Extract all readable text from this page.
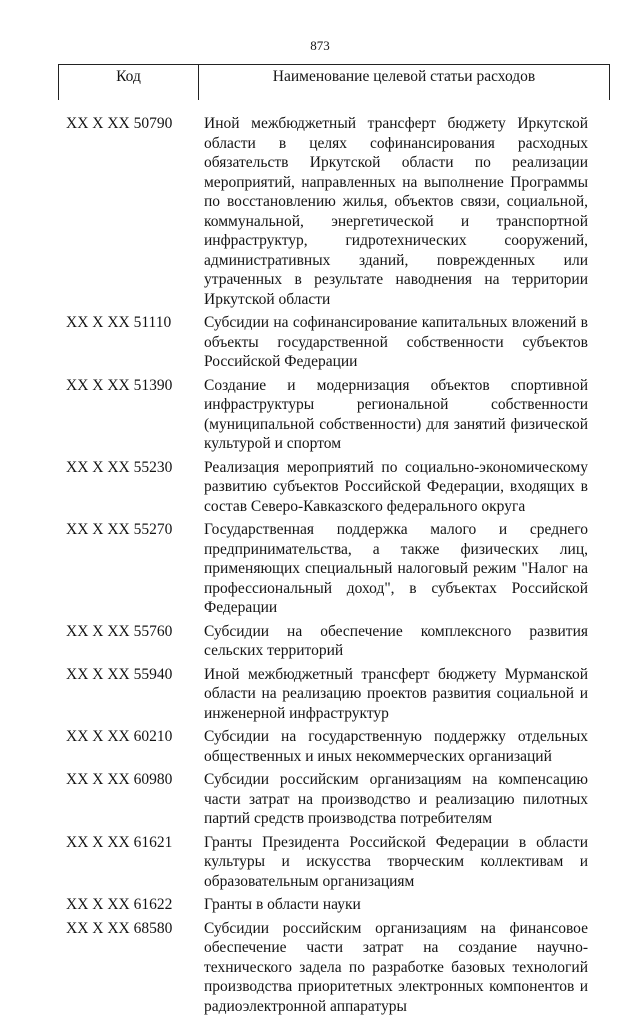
873
Код	Наименование целевой статьи расходов
XX X XX 50790	Иной межбюджетный трансферт бюджету Иркутской области в целях софинансирования расходных обязательств Иркутской области по реализации мероприятий, направленных на выполнение Программы по восстановлению жилья, объектов связи, социальной, коммунальной, энергетической и транспортной инфраструктур, гидротехнических сооружений, административных зданий, поврежденных или утраченных в результате наводнения на территории Иркутской области
XX X XX 51110	Субсидии на софинансирование капитальных вложений в объекты государственной собственности субъектов Российской Федерации
XX X XX 51390	Создание и модернизация объектов спортивной инфраструктуры региональной собственности (муниципальной собственности) для занятий физической культурой и спортом
XX X XX 55230	Реализация мероприятий по социально-экономическому развитию субъектов Российской Федерации, входящих в состав Северо-Кавказского федерального округа
XX X XX 55270	Государственная поддержка малого и среднего предпринимательства, а также физических лиц, применяющих специальный налоговый режим "Налог на профессиональный доход", в субъектах Российской Федерации
XX X XX 55760	Субсидии на обеспечение комплексного развития сельских территорий
XX X XX 55940	Иной межбюджетный трансферт бюджету Мурманской области на реализацию проектов развития социальной и инженерной инфраструктур
XX X XX 60210	Субсидии на государственную поддержку отдельных общественных и иных некоммерческих организаций
XX X XX 60980	Субсидии российским организациям на компенсацию части затрат на производство и реализацию пилотных партий средств производства потребителям
XX X XX 61621	Гранты Президента Российской Федерации в области культуры и искусства творческим коллективам и образовательным организациям
XX X XX 61622	Гранты в области науки
XX X XX 68580	Субсидии российским организациям на финансовое обеспечение части затрат на создание научно-технического задела по разработке базовых технологий производства приоритетных электронных компонентов и радиоэлектронной аппаратуры
